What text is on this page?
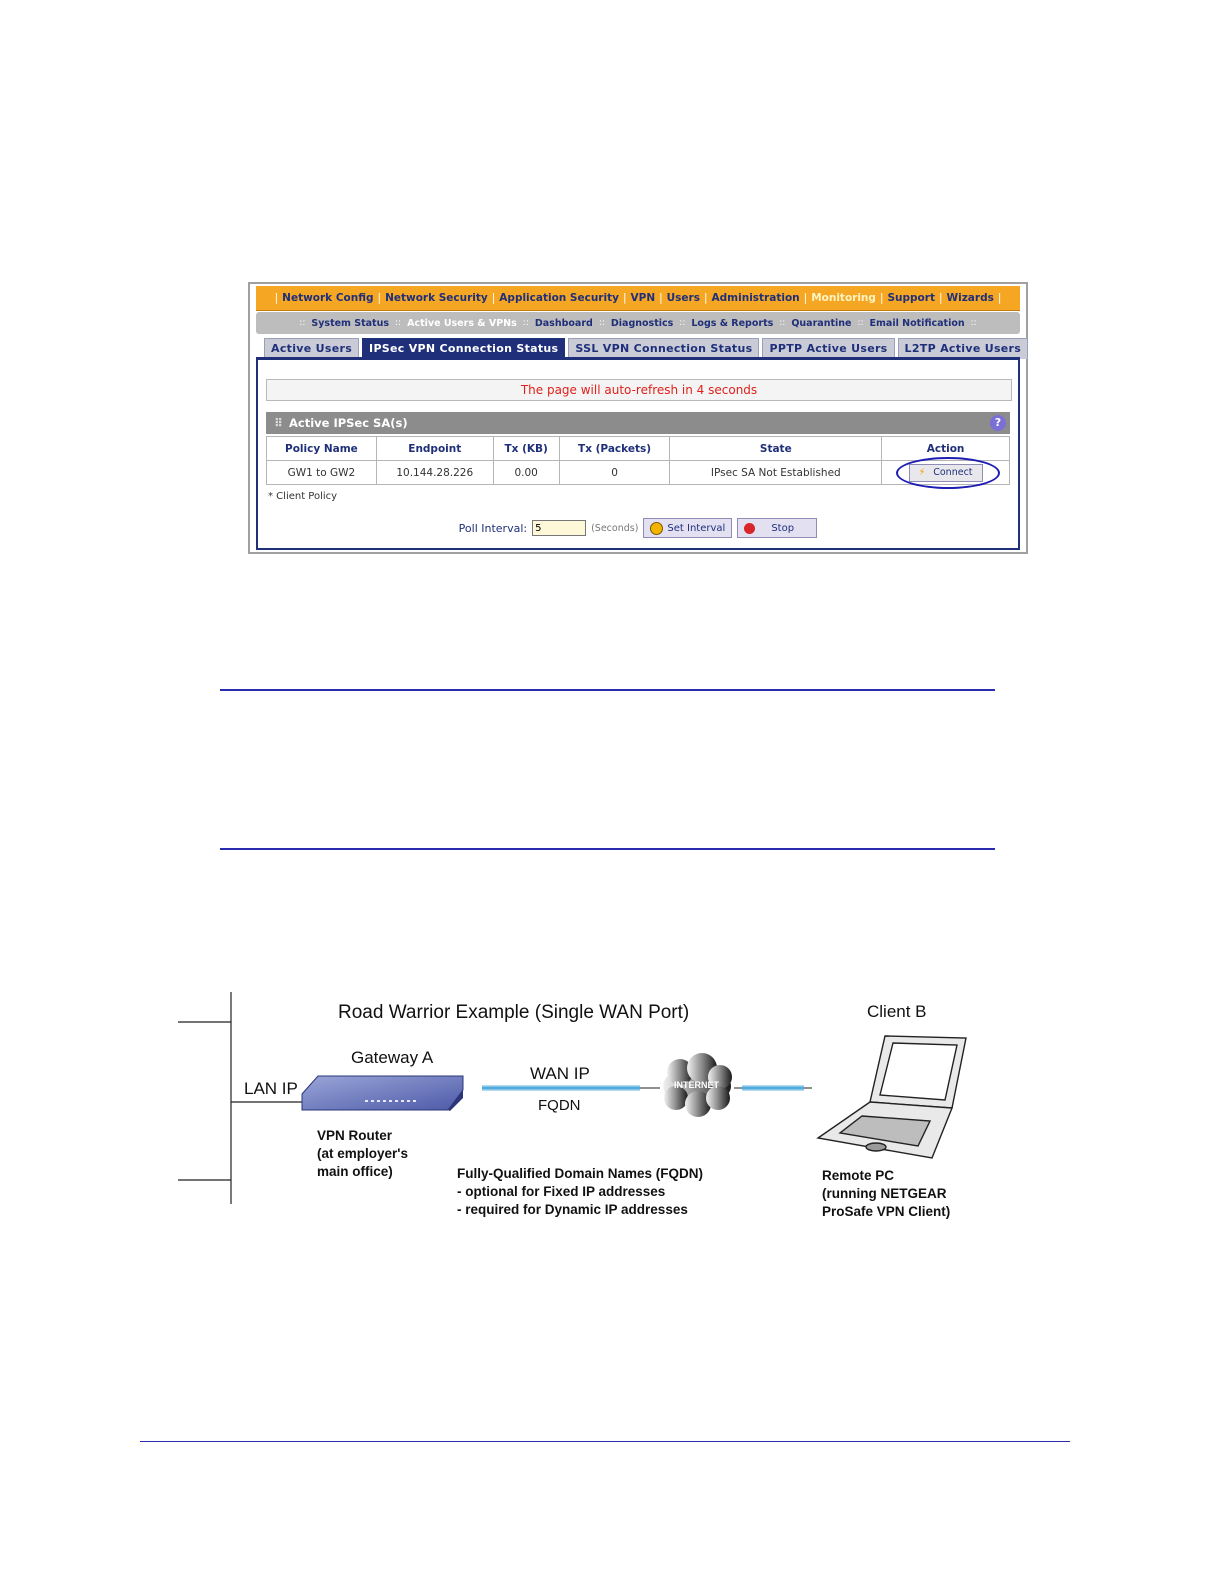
| Network Config | Network Security | Application Security | VPN | Users | Administration | Monitoring | Support | Wizards |
:: System Status :: Active Users & VPNs :: Dashboard :: Diagnostics :: Logs & Reports :: Quarantine :: Email Notification ::
Active Users	IPSec VPN Connection Status	SSL VPN Connection Status	PPTP Active Users	L2TP Active Users
The page will auto-refresh in 4 seconds
⠿ Active IPSec SA(s)	?
Policy Name	Endpoint	Tx (KB)	Tx (Packets)	State	Action
GW1 to GW2	10.144.28.226	0.00	0	IPsec SA Not Established	⚡ Connect
* Client Policy
Poll Interval:
5	(Seconds)	Set Interval	Stop
Road Warrior Example (Single WAN Port)
Gateway A
LAN IP
WAN IP
FQDN
INTERNET
Client B
VPN Router
(at employer's
main office)	Fully-Qualified Domain Names (FQDN)
- optional for Fixed IP addresses
- required for Dynamic IP addresses
Remote PC
(running NETGEAR
ProSafe VPN Client)
